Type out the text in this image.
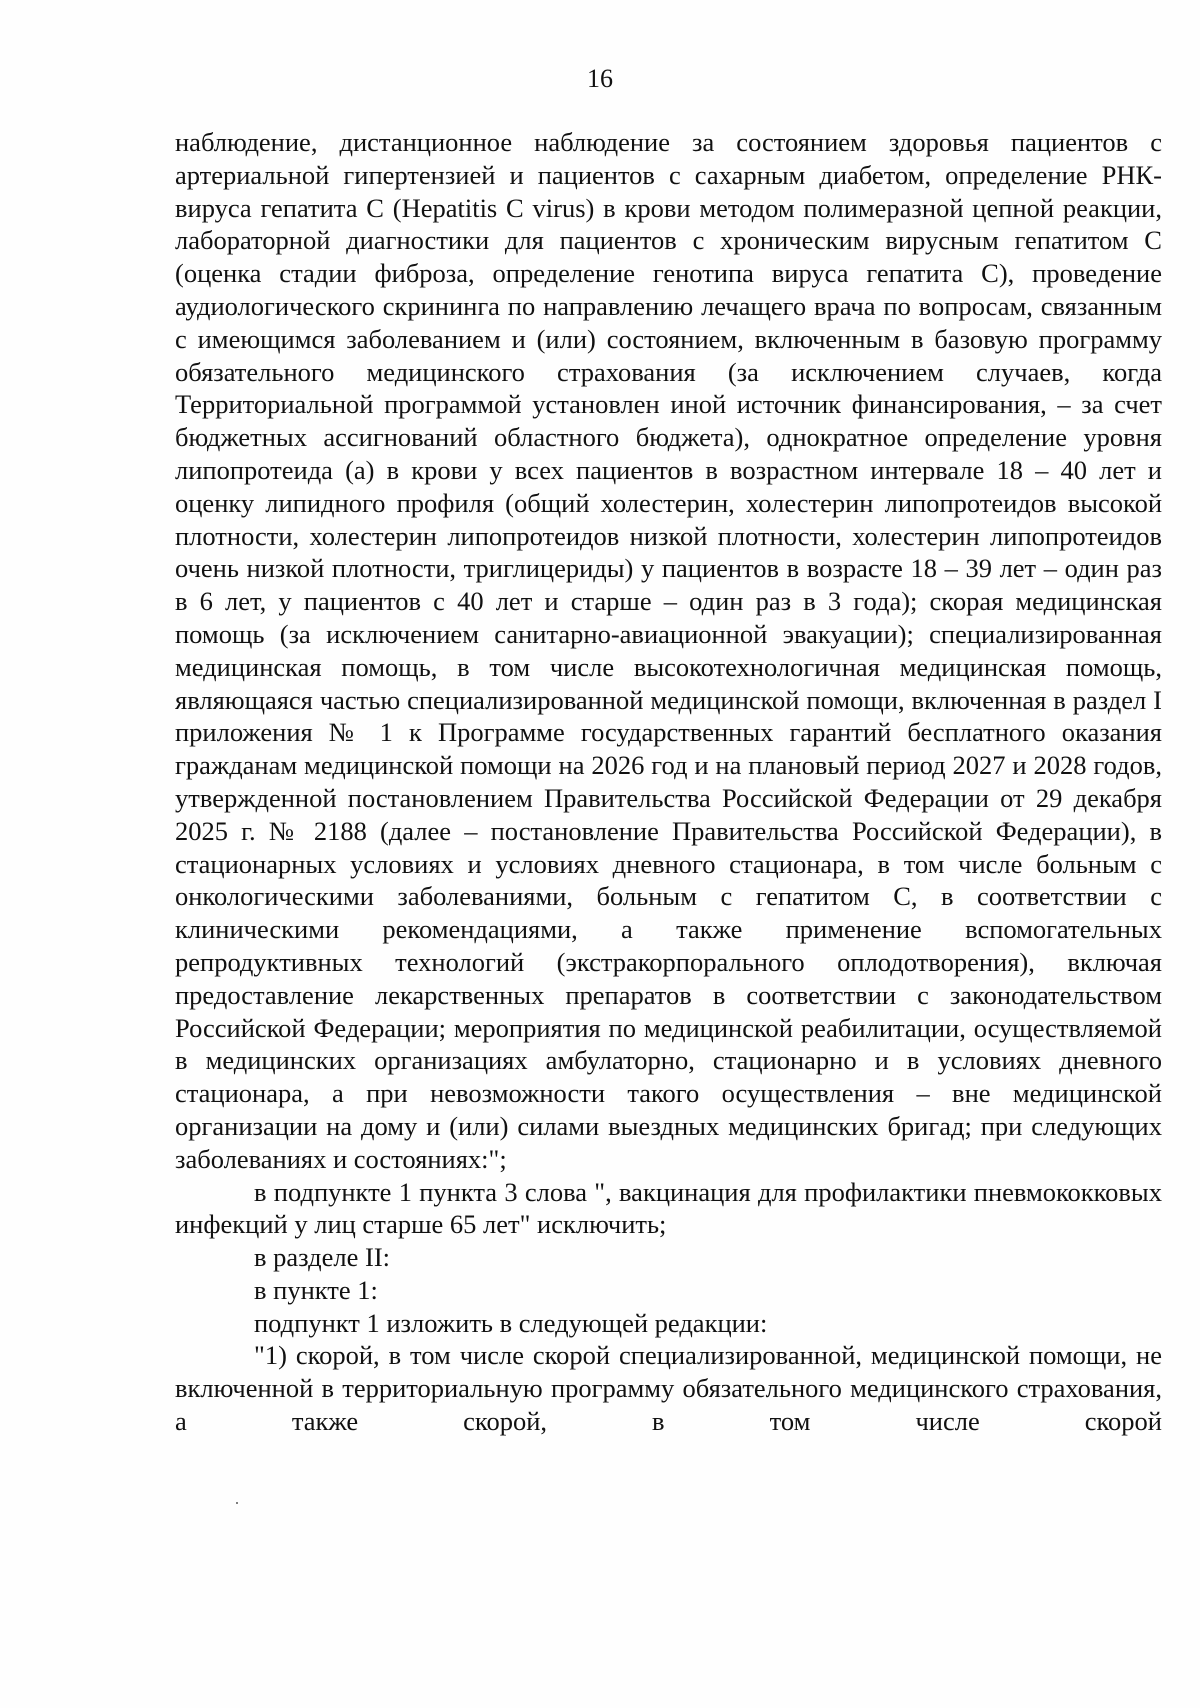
16

наблюдение, дистанционное наблюдение за состоянием здоровья пациентов с артериальной гипертензией и пациентов с сахарным диабетом, определение РНК-вируса гепатита С (Hepatitis C virus) в крови методом полимеразной цепной реакции, лабораторной диагностики для пациентов с хроническим вирусным гепатитом С (оценка стадии фиброза, определение генотипа вируса гепатита С), проведение аудиологического скрининга по направлению лечащего врача по вопросам, связанным с имеющимся заболеванием и (или) состоянием, включенным в базовую программу обязательного медицинского страхования (за исключением случаев, когда Территориальной программой установлен иной источник финансирования, – за счет бюджетных ассигнований областного бюджета), однократное определение уровня липопротеида (а) в крови у всех пациентов в возрастном интервале 18 – 40 лет и оценку липидного профиля (общий холестерин, холестерин липопротеидов высокой плотности, холестерин липопротеидов низкой плотности, холестерин липопротеидов очень низкой плотности, триглицериды) у пациентов в возрасте 18 – 39 лет – один раз в 6 лет, у пациентов с 40 лет и старше – один раз в 3 года); скорая медицинская помощь (за исключением санитарно-авиационной эвакуации); специализированная медицинская помощь, в том числе высокотехнологичная медицинская помощь, являющаяся частью специализированной медицинской помощи, включенная в раздел I приложения № 1 к Программе государственных гарантий бесплатного оказания гражданам медицинской помощи на 2026 год и на плановый период 2027 и 2028 годов, утвержденной постановлением Правительства Российской Федерации от 29 декабря 2025 г. № 2188 (далее – постановление Правительства Российской Федерации), в стационарных условиях и условиях дневного стационара, в том числе больным с онкологическими заболеваниями, больным с гепатитом С, в соответствии с клиническими рекомендациями, а также применение вспомогательных репродуктивных технологий (экстракорпорального оплодотворения), включая предоставление лекарственных препаратов в соответствии с законодательством Российской Федерации; мероприятия по медицинской реабилитации, осуществляемой в медицинских организациях амбулаторно, стационарно и в условиях дневного стационара, а при невозможности такого осуществления – вне медицинской организации на дому и (или) силами выездных медицинских бригад; при следующих заболеваниях и состояниях:";

в подпункте 1 пункта 3 слова ", вакцинация для профилактики пневмококковых инфекций у лиц старше 65 лет" исключить;

в разделе II:

в пункте 1:

подпункт 1 изложить в следующей редакции:

"1) скорой, в том числе скорой специализированной, медицинской помощи, не включенной в территориальную программу обязательного медицинского страхования, а также скорой, в том числе скорой
